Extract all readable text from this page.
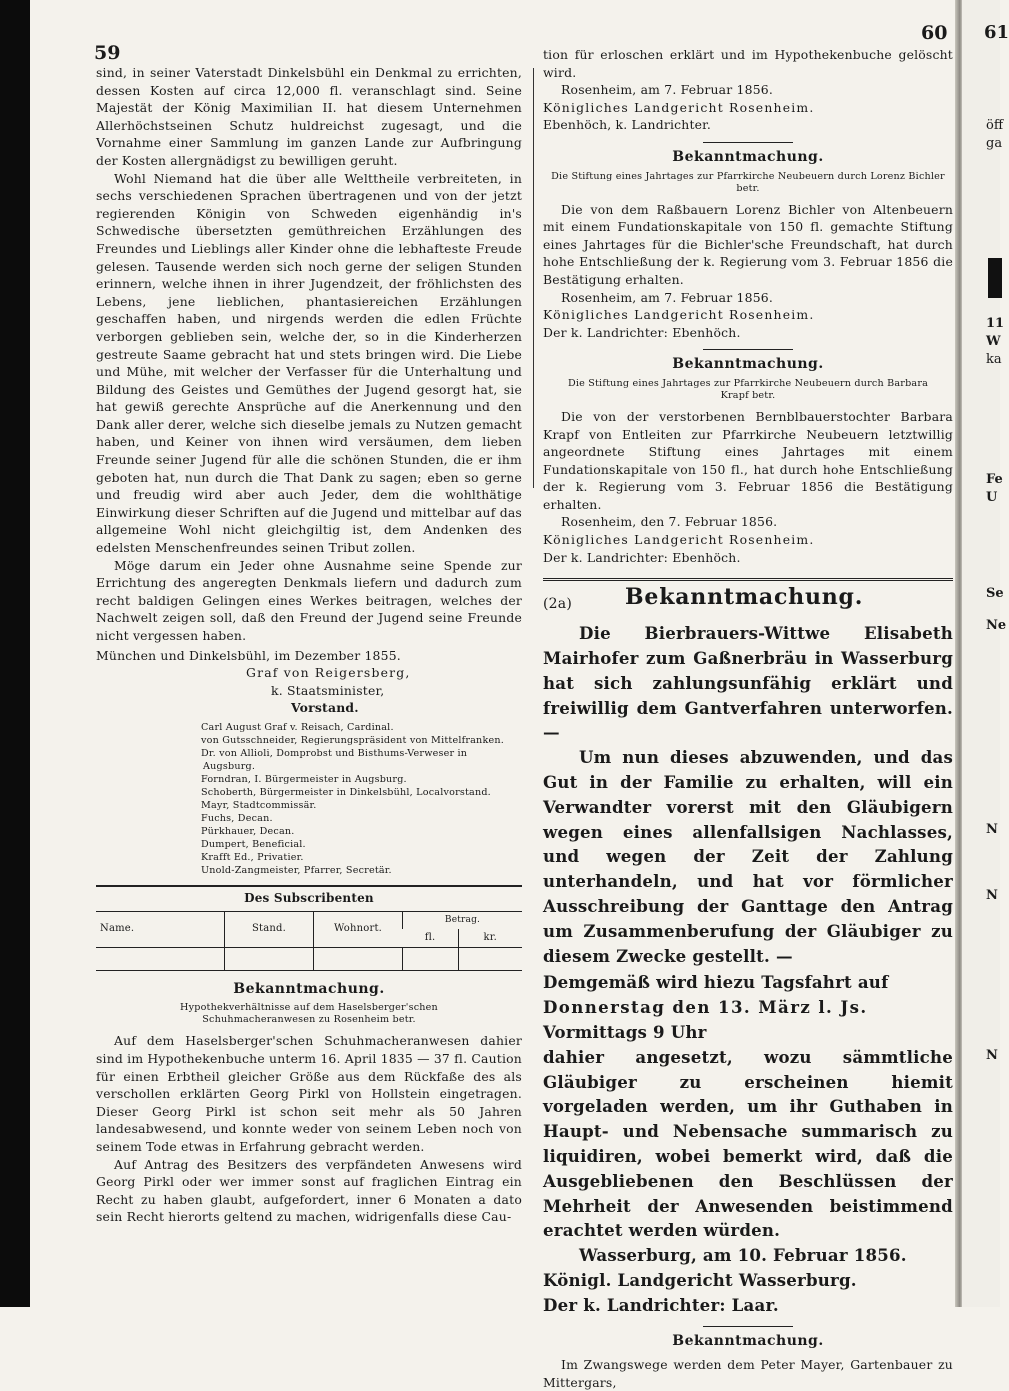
59
60

sind, in seiner Vaterstadt Dinkelsbühl ein Denkmal zu errichten, dessen Kosten auf circa 12,000 fl. veranschlagt sind. Seine Majestät der König Maximilian II. hat diesem Unternehmen Allerhöchstseinen Schutz huldreichst zugesagt, und die Vornahme einer Sammlung im ganzen Lande zur Aufbringung der Kosten allergnädigst zu bewilligen geruht.

Wohl Niemand hat die über alle Welttheile verbreiteten, in sechs verschiedenen Sprachen übertragenen und von der jetzt regierenden Königin von Schweden eigenhändig in's Schwedische übersetzten gemüthreichen Erzählungen des Freundes und Lieblings aller Kinder ohne die lebhafteste Freude gelesen. Tausende werden sich noch gerne der seligen Stunden erinnern, welche ihnen in ihrer Jugendzeit, der fröhlichsten des Lebens, jene lieblichen, phantasiereichen Erzählungen geschaffen haben, und nirgends werden die edlen Früchte verborgen geblieben sein, welche der, so in die Kinderherzen gestreute Saame gebracht hat und stets bringen wird. Die Liebe und Mühe, mit welcher der Verfasser für die Unterhaltung und Bildung des Geistes und Gemüthes der Jugend gesorgt hat, sie hat gewiß gerechte Ansprüche auf die Anerkennung und den Dank aller derer, welche sich dieselbe jemals zu Nutzen gemacht haben, und Keiner von ihnen wird versäumen, dem lieben Freunde seiner Jugend für alle die schönen Stunden, die er ihm geboten hat, nun durch die That Dank zu sagen; eben so gerne und freudig wird aber auch Jeder, dem die wohlthätige Einwirkung dieser Schriften auf die Jugend und mittelbar auf das allgemeine Wohl nicht gleichgiltig ist, dem Andenken des edelsten Menschenfreundes seinen Tribut zollen.

Möge darum ein Jeder ohne Ausnahme seine Spende zur Errichtung des angeregten Denkmals liefern und dadurch zum recht baldigen Gelingen eines Werkes beitragen, welches der Nachwelt zeigen soll, daß den Freund der Jugend seine Freunde nicht vergessen haben.

München und Dinkelsbühl, im Dezember 1855.

Graf von Reigersberg,

k. Staatsminister,

Vorstand.

Carl August Graf v. Reisach, Cardinal.
von Gutsschneider, Regierungspräsident von Mittelfranken.
Dr. von Allioli, Domprobst und Bisthums-Verweser in
Augsburg.
Forndran, I. Bürgermeister in Augsburg.
Schoberth, Bürgermeister in Dinkelsbühl, Localvorstand.
Mayr, Stadtcommissär.
Fuchs, Decan.
Pürkhauer, Decan.
Dumpert, Beneficial.
Krafft Ed., Privatier.
Unold-Zangmeister, Pfarrer, Secretär.
Des Subscribenten
Name.	Stand.	Wohnort.	Betrag.	
			fl.	kr.

Bekanntmachung.
Hypothekverhältnisse auf dem Haselsberger'schen Schuhmacheranwesen zu Rosenheim betr.

Auf dem Haselsberger'schen Schuhmacheranwesen dahier sind im Hypothekenbuche unterm 16. April 1835 — 37 fl. Caution für einen Erbtheil gleicher Größe aus dem Rückfaße des als verschollen erklärten Georg Pirkl von Hollstein eingetragen. Dieser Georg Pirkl ist schon seit mehr als 50 Jahren landesabwesend, und konnte weder von seinem Leben noch von seinem Tode etwas in Erfahrung gebracht werden.

Auf Antrag des Besitzers des verpfändeten Anwesens wird Georg Pirkl oder wer immer sonst auf fraglichen Eintrag ein Recht zu haben glaubt, aufgefordert, inner 6 Monaten a dato sein Recht hierorts geltend zu machen, widrigenfalls diese Cau-

tion für erloschen erklärt und im Hypothekenbuche gelöscht wird.

Rosenheim, am 7. Februar 1856.

Königliches Landgericht Rosenheim.

Ebenhöch, k. Landrichter.

Bekanntmachung.
Die Stiftung eines Jahrtages zur Pfarrkirche Neubeuern durch Lorenz Bichler betr.

Die von dem Raßbauern Lorenz Bichler von Altenbeuern mit einem Fundationskapitale von 150 fl. gemachte Stiftung eines Jahrtages für die Bichler'sche Freundschaft, hat durch hohe Entschließung der k. Regierung vom 3. Februar 1856 die Bestätigung erhalten.

Rosenheim, am 7. Februar 1856.

Königliches Landgericht Rosenheim.

Der k. Landrichter: Ebenhöch.

Bekanntmachung.
Die Stiftung eines Jahrtages zur Pfarrkirche Neubeuern durch Barbara Krapf betr.

Die von der verstorbenen Bernblbauerstochter Barbara Krapf von Entleiten zur Pfarrkirche Neubeuern letztwillig angeordnete Stiftung eines Jahrtages mit einem Fundationskapitale von 150 fl., hat durch hohe Entschließung der k. Regierung vom 3. Februar 1856 die Bestätigung erhalten.

Rosenheim, den 7. Februar 1856.

Königliches Landgericht Rosenheim.

Der k. Landrichter: Ebenhöch.

(2a) Bekanntmachung.

Die Bierbrauers-Wittwe Elisabeth Mairhofer zum Gaßnerbräu in Wasserburg hat sich zahlungsunfähig erklärt und freiwillig dem Gantverfahren unterworfen. —

Um nun dieses abzuwenden, und das Gut in der Familie zu erhalten, will ein Verwandter vorerst mit den Gläubigern wegen eines allenfallsigen Nachlasses, und wegen der Zeit der Zahlung unterhandeln, und hat vor förmlicher Ausschreibung der Ganttage den Antrag um Zusammenberufung der Gläubiger zu diesem Zwecke gestellt. —

Demgemäß wird hiezu Tagsfahrt auf

Donnerstag den 13. März l. Js.

Vormittags 9 Uhr

dahier angesetzt, wozu sämmtliche Gläubiger zu erscheinen hiemit vorgeladen werden, um ihr Guthaben in Haupt- und Nebensache summarisch zu liquidiren, wobei bemerkt wird, daß die Ausgebliebenen den Beschlüssen der Mehrheit der Anwesenden beistimmend erachtet werden würden.

Wasserburg, am 10. Februar 1856.

Königl. Landgericht Wasserburg.

Der k. Landrichter: Laar.

Bekanntmachung.

Im Zwangswege werden dem Peter Mayer, Gartenbauer zu Mittergars,

61
öff
ga
11
W
ka
Fe
U
Se
Ne
N
N
N
